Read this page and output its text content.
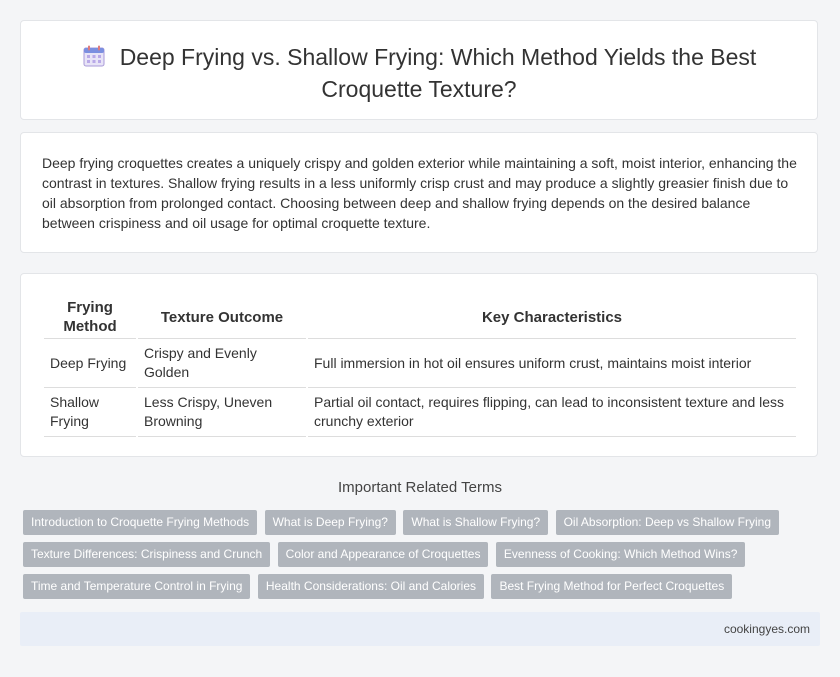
Deep Frying vs. Shallow Frying: Which Method Yields the Best Croquette Texture?

Deep frying croquettes creates a uniquely crispy and golden exterior while maintaining a soft, moist interior, enhancing the contrast in textures. Shallow frying results in a less uniformly crisp crust and may produce a slightly greasier finish due to oil absorption from prolonged contact. Choosing between deep and shallow frying depends on the desired balance between crispiness and oil usage for optimal croquette texture.

Frying Method	Texture Outcome	Key Characteristics
Deep Frying	Crispy and Evenly Golden	Full immersion in hot oil ensures uniform crust, maintains moist interior
Shallow Frying	Less Crispy, Uneven Browning	Partial oil contact, requires flipping, can lead to inconsistent texture and less crunchy exterior
Important Related Terms
Introduction to Croquette Frying Methods What is Deep Frying? What is Shallow Frying? Oil Absorption: Deep vs Shallow Frying Texture Differences: Crispiness and Crunch Color and Appearance of Croquettes Evenness of Cooking: Which Method Wins? Time and Temperature Control in Frying Health Considerations: Oil and Calories Best Frying Method for Perfect Croquettes
cookingyes.com
